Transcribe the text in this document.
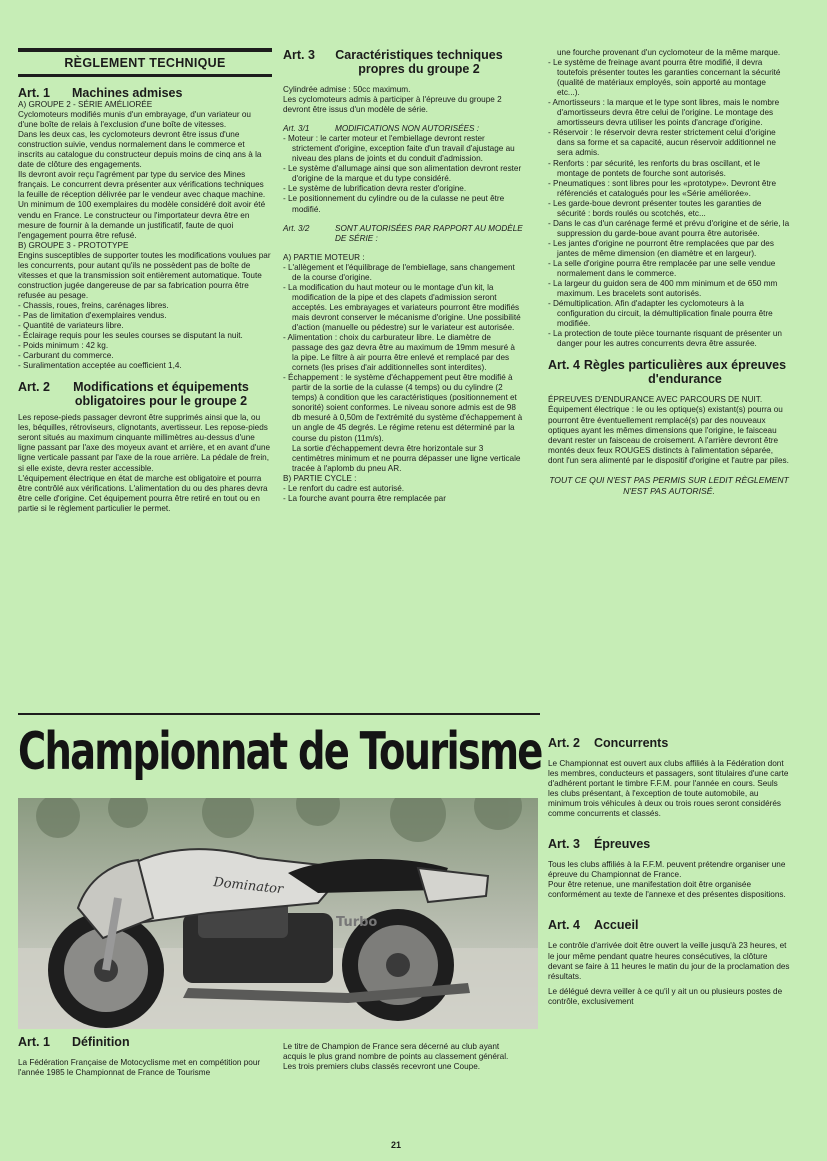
RÈGLEMENT TECHNIQUE
Art. 1	Machines admises

A) GROUPE 2 - SÉRIE AMÉLIORÉE

Cyclomoteurs modifiés munis d'un embrayage, d'un variateur ou d'une boîte de relais à l'exclusion d'une boîte de vitesses.

Dans les deux cas, les cyclomoteurs devront être issus d'une construction suivie, vendus normalement dans le commerce et inscrits au catalogue du constructeur depuis moins de cinq ans à la date de clôture des engagements.

Ils devront avoir reçu l'agrément par type du service des Mines français. Le concurrent devra présenter aux vérifications techniques la feuille de réception délivrée par le vendeur avec chaque machine.

Un minimum de 100 exemplaires du modèle considéré doit avoir été vendu en France. Le constructeur ou l'importateur devra être en mesure de fournir à la demande un justificatif, faute de quoi l'engagement pourra être refusé.

B) GROUPE 3 - PROTOTYPE

Engins susceptibles de supporter toutes les modifications voulues par les concurrents, pour autant qu'ils ne possèdent pas de boîte de vitesses et que la transmission soit entièrement automatique. Toute construction jugée dangereuse de par sa fabrication pourra être refusée au pesage.

- Chassis, roues, freins, carénages libres.

- Pas de limitation d'exemplaires vendus.

- Quantité de variateurs libre.

- Éclairage requis pour les seules courses se disputant la nuit.

- Poids minimum : 42 kg.

- Carburant du commerce.

- Suralimentation acceptée au coefficient 1,4.

Art. 2	Modifications et équipements obligatoires pour le groupe 2

Les repose-pieds passager devront être supprimés ainsi que la, ou les, béquilles, rétroviseurs, clignotants, avertisseur. Les repose-pieds seront situés au maximum cinquante millimètres au-dessus d'une ligne passant par l'axe des moyeux avant et arrière, et en avant d'une ligne verticale passant par l'axe de la roue arrière. La pédale de frein, si elle existe, devra rester accessible.

L'équipement électrique en état de marche est obligatoire et pourra être contrôlé aux vérifications. L'alimentation du ou des phares devra être celle d'origine. Cet équipement pourra être retiré en tout ou en partie si le règlement particulier le permet.

Art. 3	Caractéristiques techniques propres du groupe 2

Cylindrée admise : 50cc maximum.

Les cyclomoteurs admis à participer à l'épreuve du groupe 2 devront être issus d'un modèle de série.

Art. 3/1	MODIFICATIONS NON AUTORISÉES :

- Moteur : le carter moteur et l'embiellage devront rester strictement d'origine, exception faite d'un travail d'ajustage au niveau des plans de joints et du conduit d'admission.

- Le système d'allumage ainsi que son alimentation devront rester d'origine de la marque et du type considéré.

- Le système de lubrification devra rester d'origine.

- Le positionnement du cylindre ou de la culasse ne peut être modifié.

Art. 3/2	SONT AUTORISÉES PAR RAPPORT AU MODÈLE DE SÉRIE :

A) PARTIE MOTEUR :

- L'allègement et l'équilibrage de l'embiellage, sans changement de la course d'origine.

- La modification du haut moteur ou le montage d'un kit, la modification de la pipe et des clapets d'admission seront acceptés. Les embrayages et variateurs pourront être modifiés mais devront conserver le mécanisme d'origine. Une possibilité d'action (manuelle ou pédestre) sur le variateur est autorisée.

- Alimentation : choix du carburateur libre. Le diamètre de passage des gaz devra être au maximum de 19mm mesuré à la pipe. Le filtre à air pourra être enlevé et remplacé par des cornets (les prises d'air additionnelles sont interdites).

- Échappement : le système d'échappement peut être modifié à partir de la sortie de la culasse (4 temps) ou du cylindre (2 temps) à condition que les caractéristiques (positionnement et sonorité) soient conformes. Le niveau sonore admis est de 98 db mesuré à 0,50m de l'extrémité du système d'échappement à un angle de 45 degrés. Le régime retenu est déterminé par la course du piston (11m/s).

La sortie d'échappement devra être horizontale sur 3 centimètres minimum et ne pourra dépasser une ligne verticale tracée à l'aplomb du pneu AR.

B) PARTIE CYCLE :

- Le renfort du cadre est autorisé.

- La fourche avant pourra être remplacée par

une fourche provenant d'un cyclomoteur de la même marque.

- Le système de freinage avant pourra être modifié, il devra toutefois présenter toutes les garanties concernant la sécurité (qualité de matériaux employés, soin apporté au montage etc...).

- Amortisseurs : la marque et le type sont libres, mais le nombre d'amortisseurs devra être celui de l'origine. Le montage des amortisseurs devra utiliser les points d'ancrage d'origine.

- Réservoir : le réservoir devra rester strictement celui d'origine dans sa forme et sa capacité, aucun réservoir additionnel ne sera admis.

- Renforts : par sécurité, les renforts du bras oscillant, et le montage de pontets de fourche sont autorisés.

- Pneumatiques : sont libres pour les «prototype». Devront être référenciés et catalogués pour les «Série améliorée».

- Les garde-boue devront présenter toutes les garanties de sécurité : bords roulés ou scotchés, etc...

- Dans le cas d'un carénage fermé et prévu d'origine et de série, la suppression du garde-boue avant pourra être autorisée.

- Les jantes d'origine ne pourront être remplacées que par des jantes de même dimension (en diamètre et en largeur).

- La selle d'origine pourra être remplacée par une selle vendue normalement dans le commerce.

- La largeur du guidon sera de 400 mm minimum et de 650 mm maximum. Les bracelets sont autorisés.

- Démultiplication. Afin d'adapter les cyclomoteurs à la configuration du circuit, la démultiplication finale pourra être modifiée.

- La protection de toute pièce tournante risquant de présenter un danger pour les autres concurrents devra être assurée.

Art. 4 Règles particulières aux épreuves d'endurance

ÉPREUVES D'ENDURANCE AVEC PARCOURS DE NUIT.

Équipement électrique : le ou les optique(s) existant(s) pourra ou pourront être éventuellement remplacé(s) par des nouveaux optiques ayant les mêmes dimensions que l'origine, le faisceau devant rester un faisceau de croisement. A l'arrière devront être montés deux feux ROUGES distincts à l'alimentation séparée, dont l'un sera alimenté par le dispositif d'origine et l'autre par piles.

TOUT CE QUI N'EST PAS PERMIS SUR LEDIT RÈGLEMENT N'EST PAS AUTORISÉ.

Championnat de Tourisme
Dominator
Turbo
Art. 1	Définition

La Fédération Française de Motocyclisme met en compétition pour l'année 1985 le Championnat de France de Tourisme

Le titre de Champion de France sera décerné au club ayant acquis le plus grand nombre de points au classement général.

Les trois premiers clubs classés recevront une Coupe.

Art. 2	Concurrents

Le Championnat est ouvert aux clubs affiliés à la Fédération dont les membres, conducteurs et passagers, sont titulaires d'une carte d'adhérent portant le timbre F.F.M. pour l'année en cours. Seuls les clubs présentant, à l'exception de toute automobile, au minimum trois véhicules à deux ou trois roues seront considérés comme concurrents et classés.

Art. 3	Épreuves

Tous les clubs affiliés à la F.F.M. peuvent prétendre organiser une épreuve du Championnat de France.

Pour être retenue, une manifestation doit être organisée conformément au texte de l'annexe et des présentes dispositions.

Art. 4	Accueil

Le contrôle d'arrivée doit être ouvert la veille jusqu'à 23 heures, et le jour même pendant quatre heures consécutives, la clôture devant se faire à 11 heures le matin du jour de la proclamation des résultats.

Le délégué devra veiller à ce qu'il y ait un ou plusieurs postes de contrôle, exclusivement

21
